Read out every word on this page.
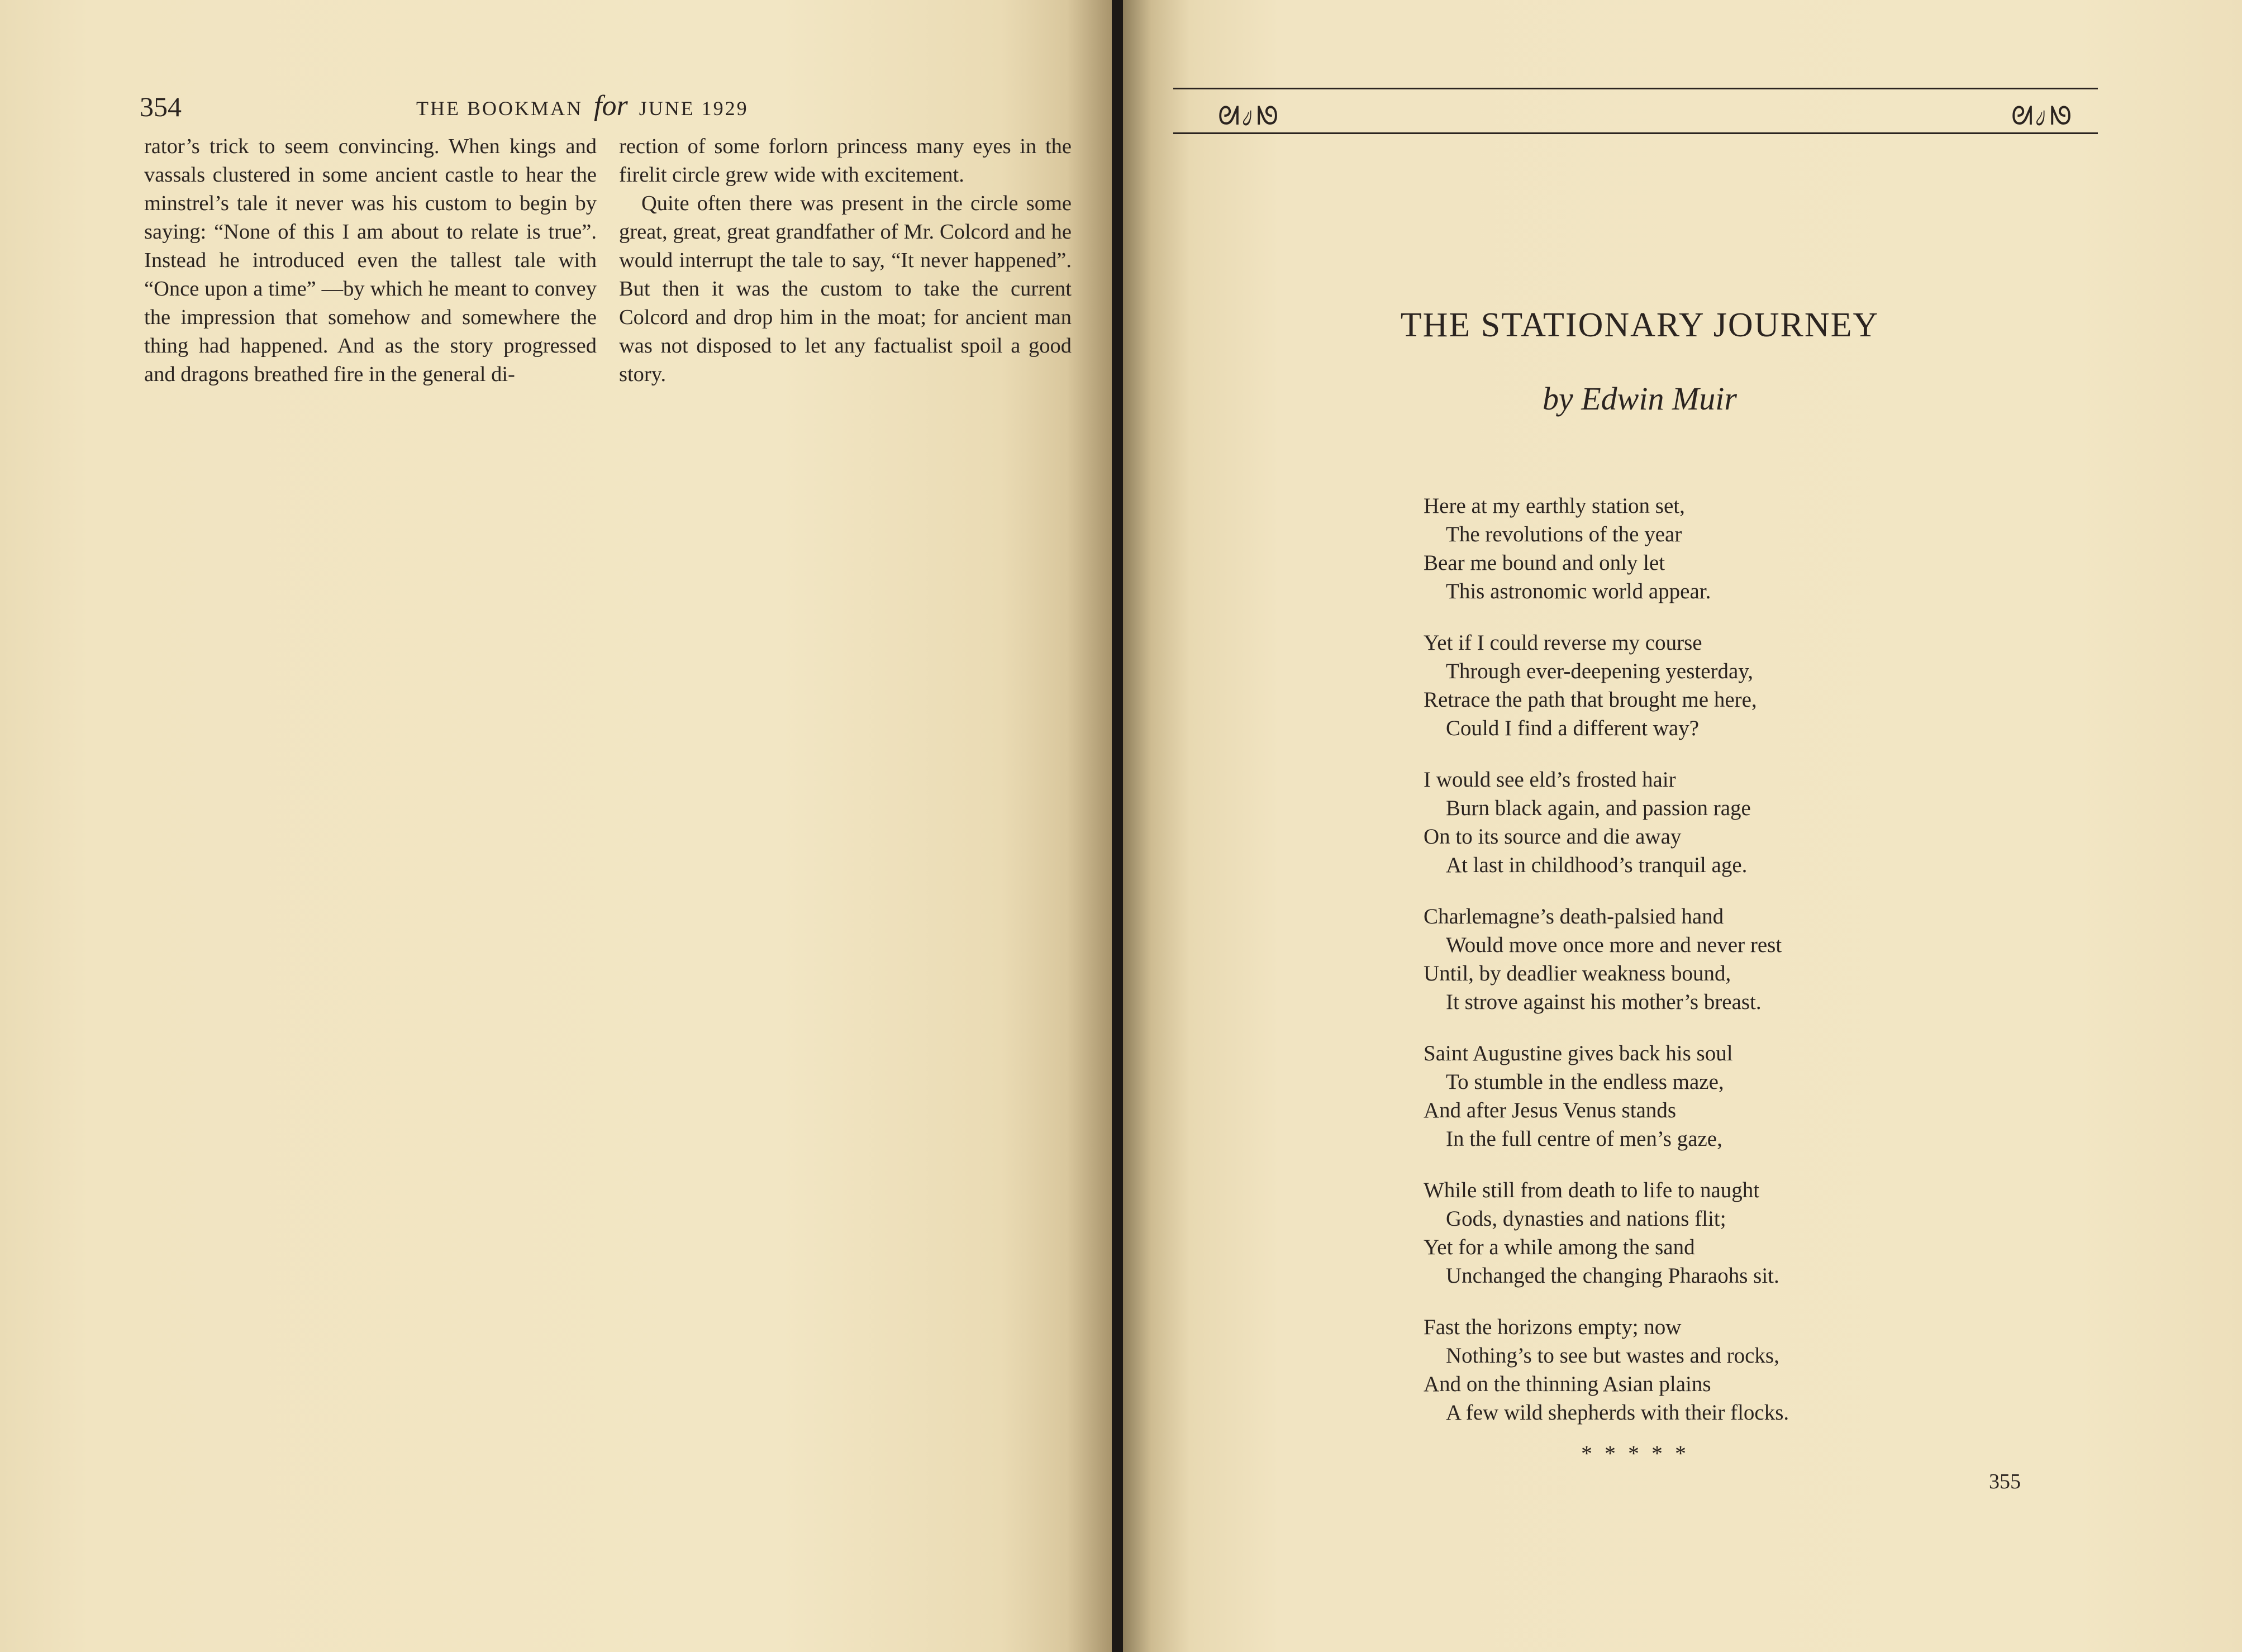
354	THE BOOKMAN for JUNE 1929

rator’s trick to seem convincing. When kings and vassals clustered in some ancient castle to hear the minstrel’s tale it never was his custom to begin by saying: “None of this I am about to relate is true”. Instead he introduced even the tallest tale with “Once upon a time” —by which he meant to convey the impression that somehow and somewhere the thing had happened. And as the story progressed and dragons breathed fire in the general di-

rection of some forlorn princess many eyes in the firelit circle grew wide with excitement.

Quite often there was present in the circle some great, great, great grandfather of Mr. Colcord and he would interrupt the tale to say, “It never happened”. But then it was the custom to take the current Colcord and drop him in the moat; for ancient man was not disposed to let any factualist spoil a good story.

ᘛ᭣ᘚ	ᘛ᭣ᘚ
THE STATIONARY JOURNEY
by Edwin Muir
Here at my earthly station set,
The revolutions of the year
Bear me bound and only let
This astronomic world appear.
Yet if I could reverse my course
Through ever-deepening yesterday,
Retrace the path that brought me here,
Could I find a different way?
I would see eld’s frosted hair
Burn black again, and passion rage
On to its source and die away
At last in childhood’s tranquil age.
Charlemagne’s death-palsied hand
Would move once more and never rest
Until, by deadlier weakness bound,
It strove against his mother’s breast.
Saint Augustine gives back his soul
To stumble in the endless maze,
And after Jesus Venus stands
In the full centre of men’s gaze,
While still from death to life to naught
Gods, dynasties and nations flit;
Yet for a while among the sand
Unchanged the changing Pharaohs sit.
Fast the horizons empty; now
Nothing’s to see but wastes and rocks,
And on the thinning Asian plains
A few wild shepherds with their flocks.
*****
355
